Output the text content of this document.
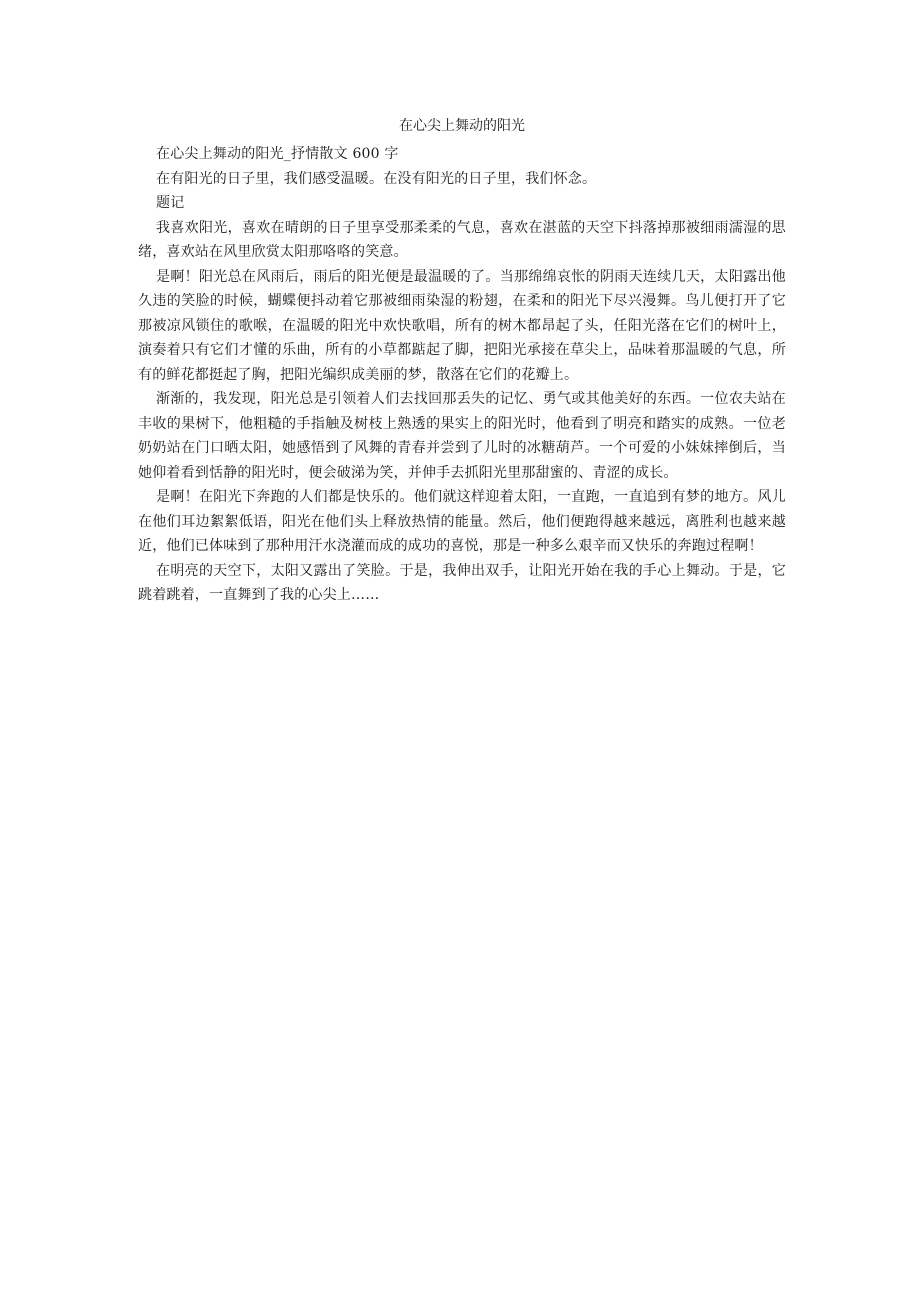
在心尖上舞动的阳光

在心尖上舞动的阳光_抒情散文 600 字

在有阳光的日子里，我们感受温暖。在没有阳光的日子里，我们怀念。

题记

我喜欢阳光，喜欢在晴朗的日子里享受那柔柔的气息，喜欢在湛蓝的天空下抖落掉那被细雨濡湿的思绪，喜欢站在风里欣赏太阳那咯咯的笑意。

是啊！阳光总在风雨后，雨后的阳光便是最温暖的了。当那绵绵哀怅的阴雨天连续几天，太阳露出他久违的笑脸的时候，蝴蝶便抖动着它那被细雨染湿的粉翅，在柔和的阳光下尽兴漫舞。鸟儿便打开了它那被凉风锁住的歌喉，在温暖的阳光中欢快歌唱，所有的树木都昂起了头，任阳光落在它们的树叶上，演奏着只有它们才懂的乐曲，所有的小草都踮起了脚，把阳光承接在草尖上，品味着那温暖的气息，所有的鲜花都挺起了胸，把阳光编织成美丽的梦，散落在它们的花瓣上。

渐渐的，我发现，阳光总是引领着人们去找回那丢失的记忆、勇气或其他美好的东西。一位农夫站在丰收的果树下，他粗糙的手指触及树枝上熟透的果实上的阳光时，他看到了明亮和踏实的成熟。一位老奶奶站在门口晒太阳，她感悟到了风舞的青春并尝到了儿时的冰糖葫芦。一个可爱的小妹妹摔倒后，当她仰着看到恬静的阳光时，便会破涕为笑，并伸手去抓阳光里那甜蜜的、青涩的成长。

是啊！在阳光下奔跑的人们都是快乐的。他们就这样迎着太阳，一直跑，一直追到有梦的地方。风儿在他们耳边絮絮低语，阳光在他们头上释放热情的能量。然后，他们便跑得越来越远，离胜利也越来越近，他们已体味到了那种用汗水浇灌而成的成功的喜悦，那是一种多么艰辛而又快乐的奔跑过程啊！

在明亮的天空下，太阳又露出了笑脸。于是，我伸出双手，让阳光开始在我的手心上舞动。于是，它跳着跳着，一直舞到了我的心尖上……
